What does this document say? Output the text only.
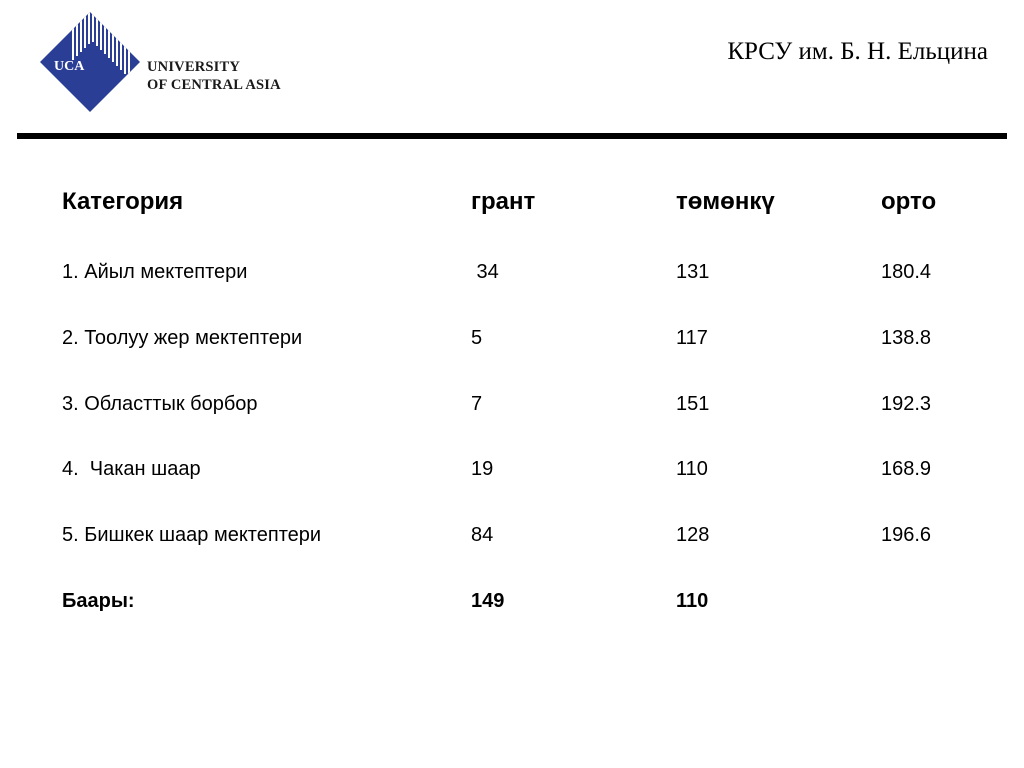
UCA	UNIVERSITY
OF CENTRAL ASIA
КРСУ им. Б. Н. Ельцина
Категория	грант	төмөнкү	орто
1. Айыл мектептери	34	131	180.4
2. Тоолуу жер мектептери	5	117	138.8
3. Областтык борбор	7	151	192.3
4.  Чакан шаар	19	110	168.9
5. Бишкек шаар мектептери	84	128	196.6
Баары:	149	110
